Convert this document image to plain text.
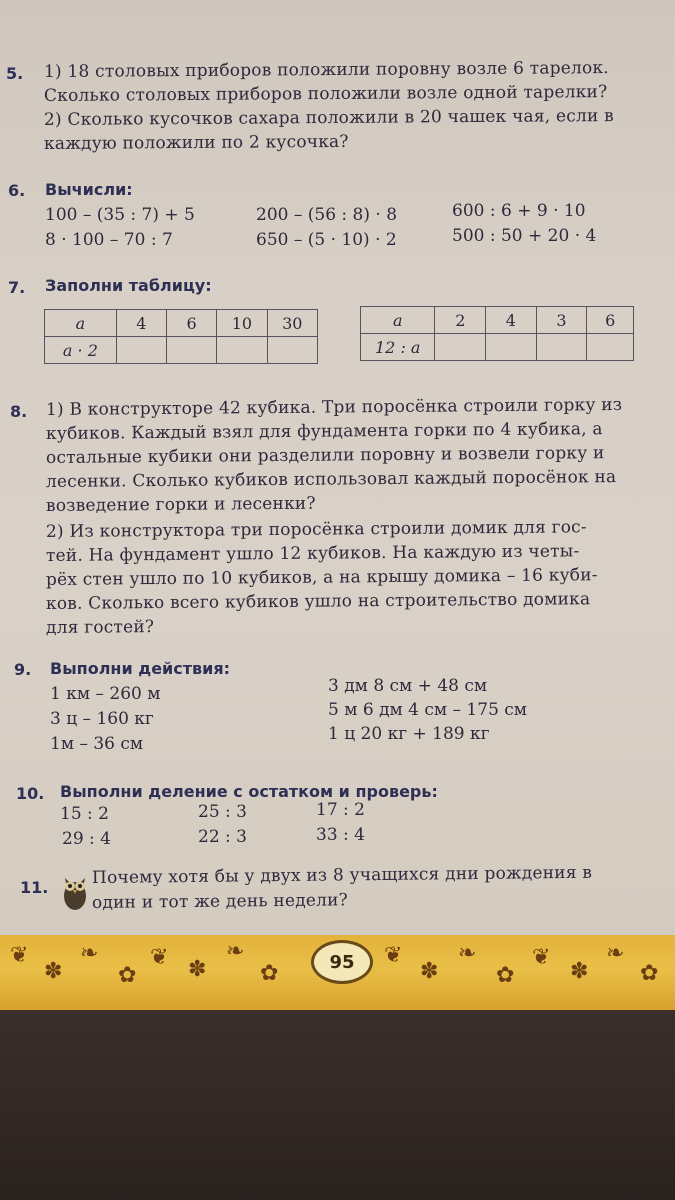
5. 1) 18 столовых приборов положили поровну возле 6 тарелок.
Сколько столовых приборов положили возле одной тарелки?
2) Сколько кусочков сахара положили в 20 чашек чая, если в
каждую положили по 2 кусочка?
6. Вычисли:
100 – (35 : 7) + 5	200 – (56 : 8) · 8	600 : 6 + 9 · 10
8 · 100 – 70 : 7	650 – (5 · 10) · 2	500 : 50 + 20 · 4
7. Заполни таблицу:
a	4	6	10	30
a · 2				
a	2	4	3	6
12 : a				
8. 1) В конструкторе 42 кубика. Три поросёнка строили горку из
кубиков. Каждый взял для фундамента горки по 4 кубика, а
остальные кубики они разделили поровну и возвели горку и
лесенки. Сколько кубиков использовал каждый поросёнок на
возведение горки и лесенки?
2) Из конструктора три поросёнка строили домик для гос-
тей. На фундамент ушло 12 кубиков. На каждую из четы-
рёх стен ушло по 10 кубиков, а на крышу домика – 16 куби-
ков. Сколько всего кубиков ушло на строительство домика
для гостей?
9. Выполни действия:
1 км – 260 м
3 ц – 160 кг
1м – 36 см
3 дм 8 см + 48 см
5 м 6 дм 4 см – 175 см
1 ц 20 кг + 189 кг
10. Выполни деление с остатком и проверь:
15 : 2	25 : 3	17 : 2
29 : 4	22 : 3	33 : 4
11.	Почему хотя бы у двух из 8 учащихся дни рождения в
один и тот же день недели?
❦
✽
❧
✿
❦ ✽
❧
✿
❦
✽
❧
✿
❦
✽
❧
✿
95
